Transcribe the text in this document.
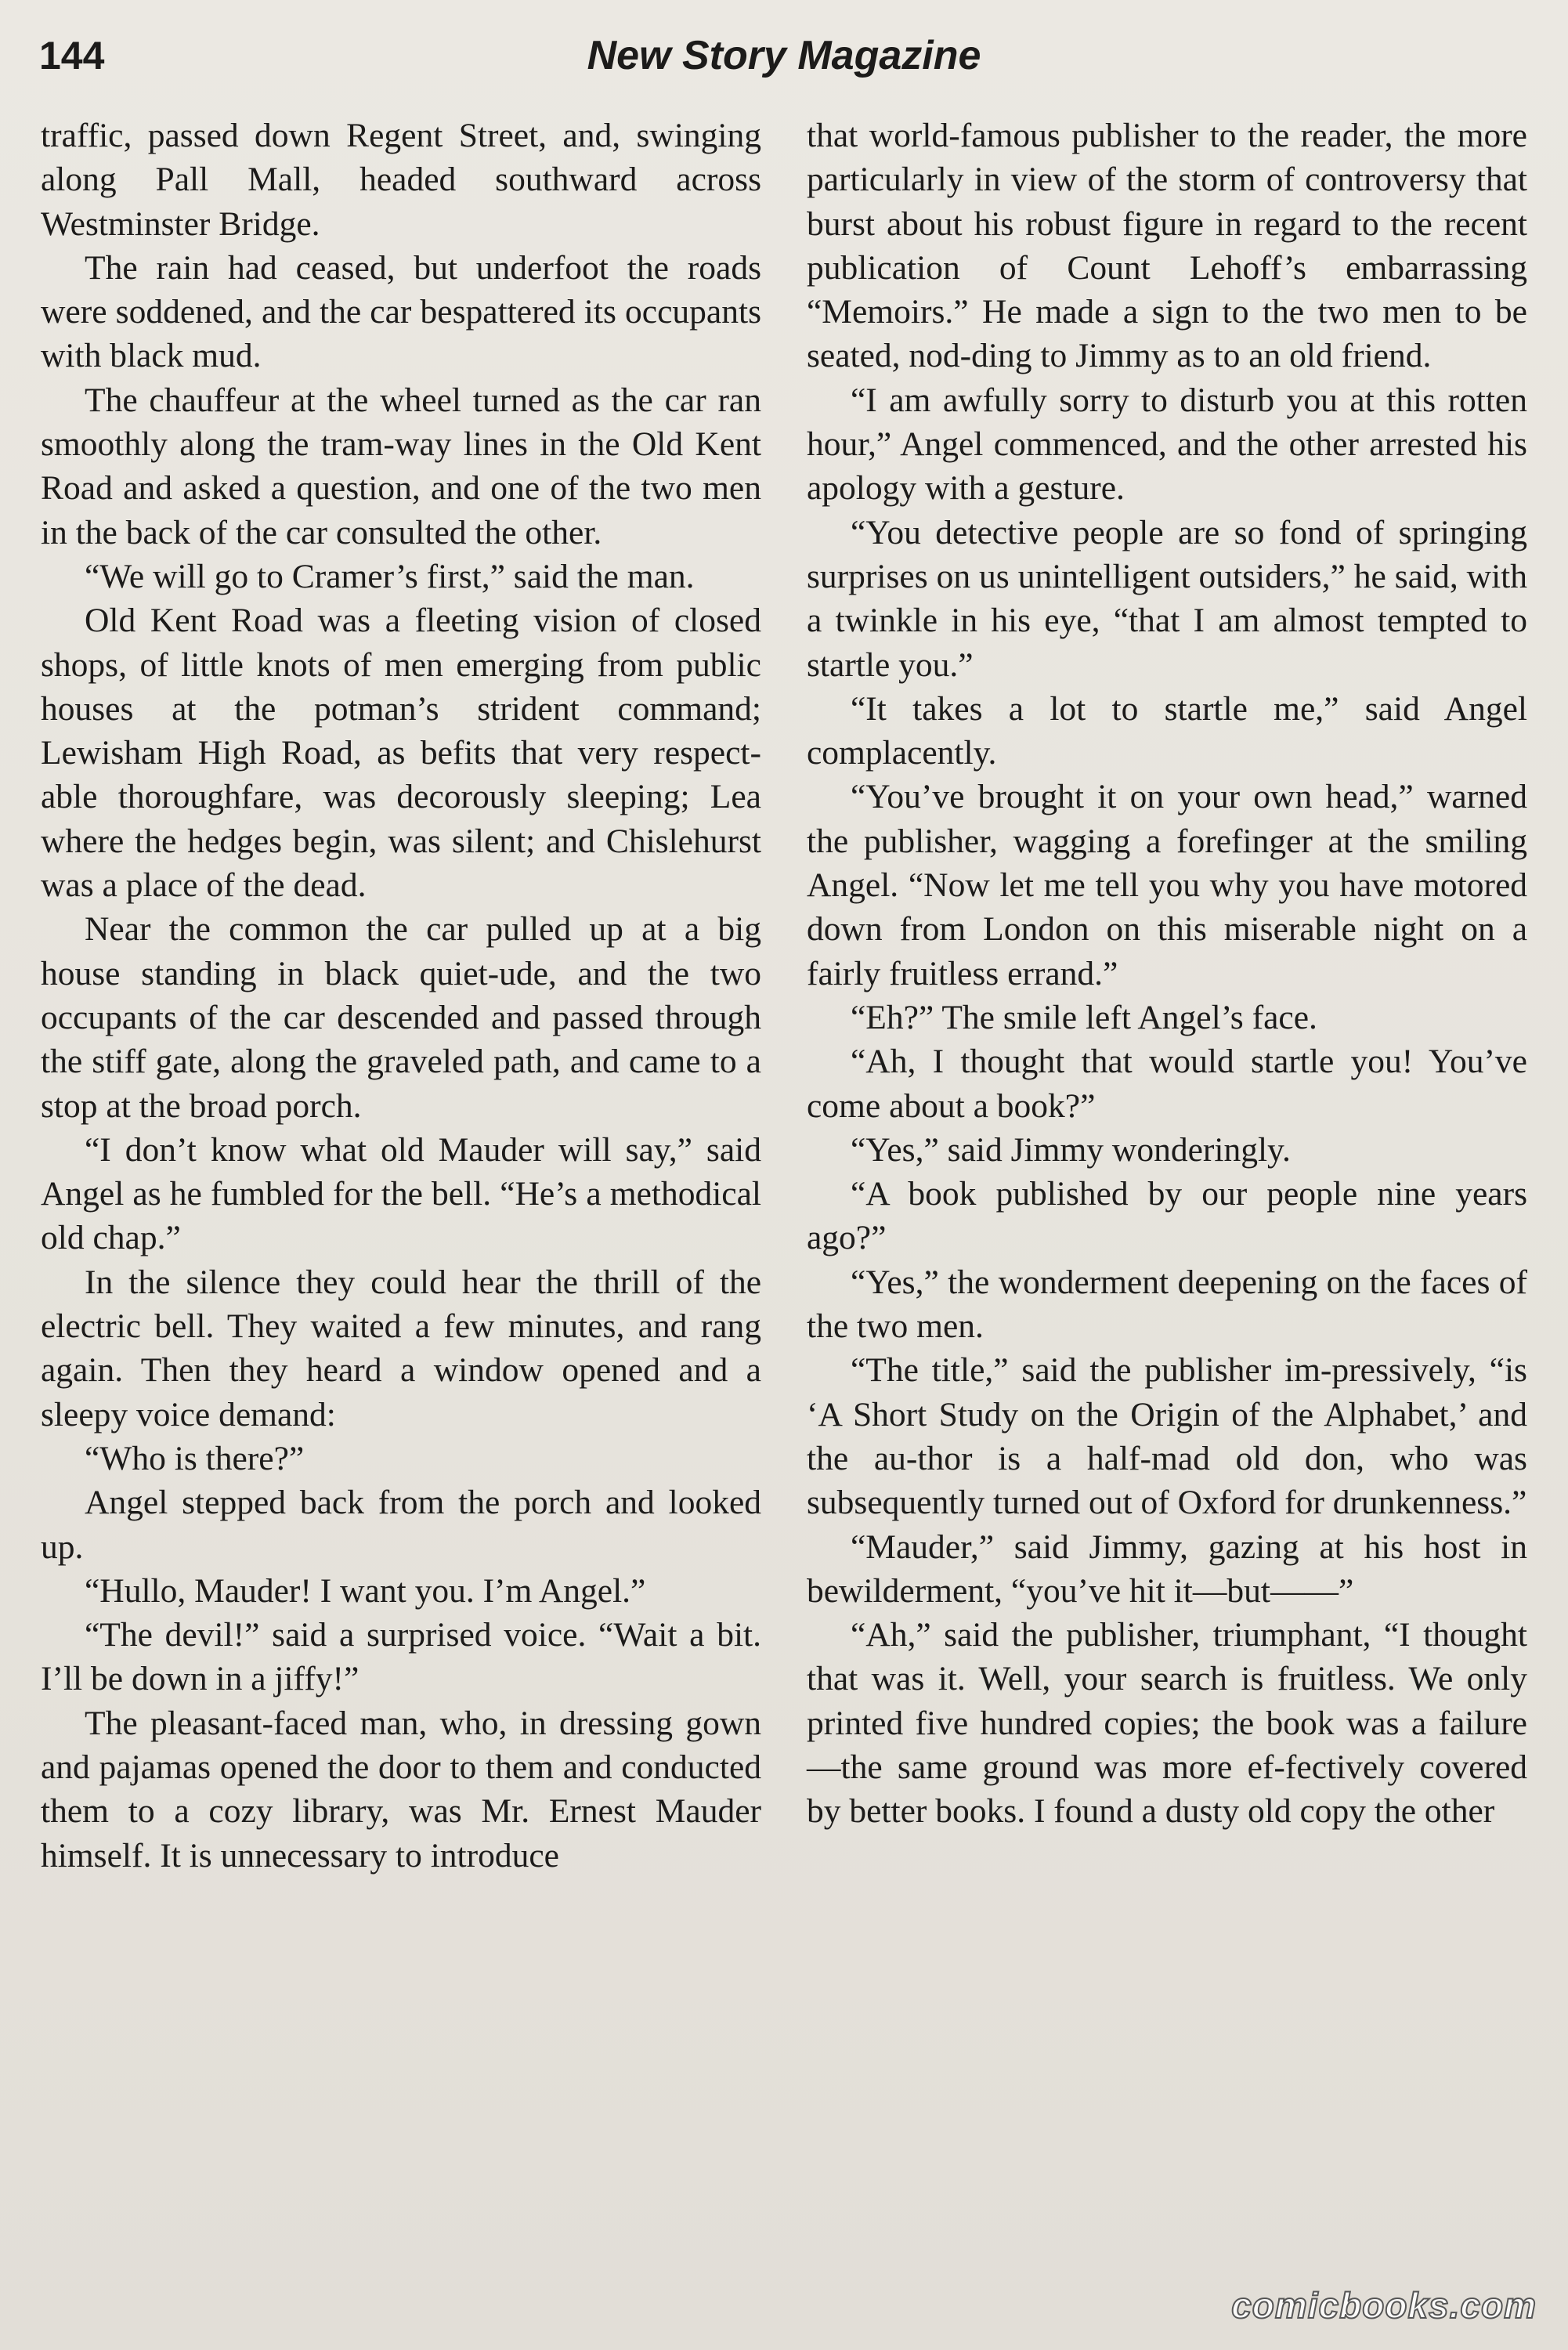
144	New Story Magazine

traffic, passed down Regent Street, and, swinging along Pall Mall, headed southward across Westminster Bridge.

The rain had ceased, but underfoot the roads were soddened, and the car bespattered its occupants with black mud.

The chauffeur at the wheel turned as the car ran smoothly along the tram-way lines in the Old Kent Road and asked a question, and one of the two men in the back of the car consulted the other.

“We will go to Cramer’s first,” said the man.

Old Kent Road was a fleeting vision of closed shops, of little knots of men emerging from public houses at the potman’s strident command; Lewisham High Road, as befits that very respect-able thoroughfare, was decorously sleeping; Lea where the hedges begin, was silent; and Chislehurst was a place of the dead.

Near the common the car pulled up at a big house standing in black quiet-ude, and the two occupants of the car descended and passed through the stiff gate, along the graveled path, and came to a stop at the broad porch.

“I don’t know what old Mauder will say,” said Angel as he fumbled for the bell. “He’s a methodical old chap.”

In the silence they could hear the thrill of the electric bell. They waited a few minutes, and rang again. Then they heard a window opened and a sleepy voice demand:

“Who is there?”

Angel stepped back from the porch and looked up.

“Hullo, Mauder! I want you. I’m Angel.”

“The devil!” said a surprised voice. “Wait a bit. I’ll be down in a jiffy!”

The pleasant-faced man, who, in dressing gown and pajamas opened the door to them and conducted them to a cozy library, was Mr. Ernest Mauder himself. It is unnecessary to introduce

that world-famous publisher to the reader, the more particularly in view of the storm of controversy that burst about his robust figure in regard to the recent publication of Count Lehoff’s embarrassing “Memoirs.” He made a sign to the two men to be seated, nod-ding to Jimmy as to an old friend.

“I am awfully sorry to disturb you at this rotten hour,” Angel commenced, and the other arrested his apology with a gesture.

“You detective people are so fond of springing surprises on us unintelligent outsiders,” he said, with a twinkle in his eye, “that I am almost tempted to startle you.”

“It takes a lot to startle me,” said Angel complacently.

“You’ve brought it on your own head,” warned the publisher, wagging a forefinger at the smiling Angel. “Now let me tell you why you have motored down from London on this miserable night on a fairly fruitless errand.”

“Eh?” The smile left Angel’s face.

“Ah, I thought that would startle you! You’ve come about a book?”

“Yes,” said Jimmy wonderingly.

“A book published by our people nine years ago?”

“Yes,” the wonderment deepening on the faces of the two men.

“The title,” said the publisher im-pressively, “is ‘A Short Study on the Origin of the Alphabet,’ and the au-thor is a half-mad old don, who was subsequently turned out of Oxford for drunkenness.”

“Mauder,” said Jimmy, gazing at his host in bewilderment, “you’ve hit it—but——”

“Ah,” said the publisher, triumphant, “I thought that was it. Well, your search is fruitless. We only printed five hundred copies; the book was a failure—the same ground was more ef-fectively covered by better books. I found a dusty old copy the other

comicbooks.com
